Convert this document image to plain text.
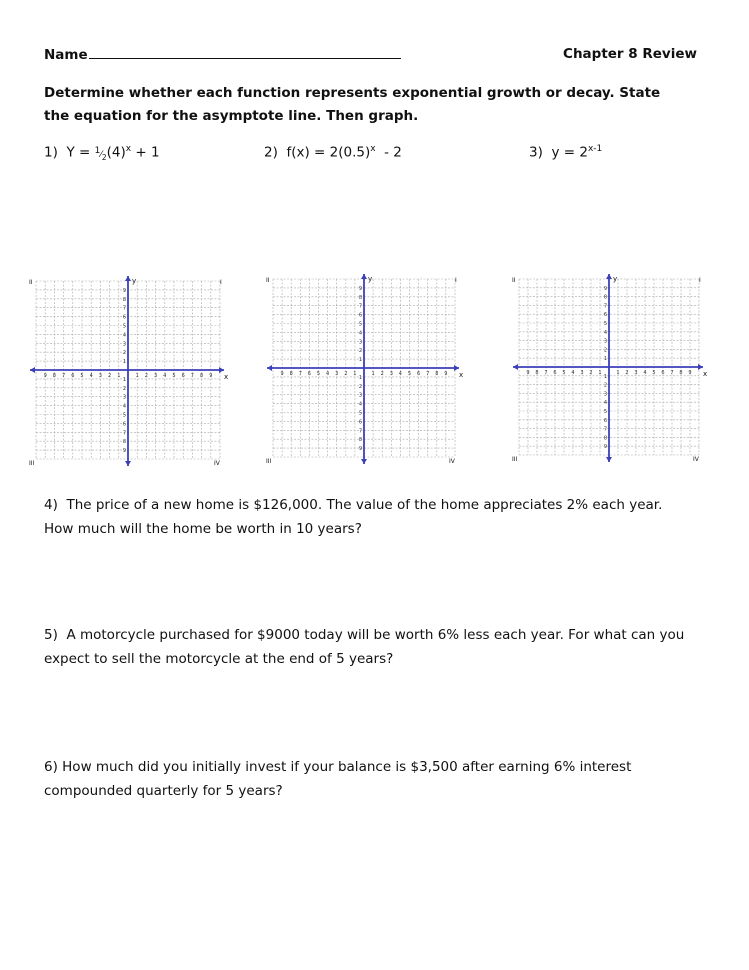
Name	Chapter 8 Review
Determine whether each function represents exponential growth or decay. State the equation for the asymptote line. Then graph.
1) $Y = ^1⁄_2(4)^x + 1$	2) $f(x) = 2(0.5)^x - 2$	3) $y = 2^{x-1}$
9 8 7 6 5 4 3 2 1	1 2 3 4 5 6 7 8 9
9
8
7
6
5
4
3
2
1
1
2
3
4
5
6
7
8
9
x
y	I
II
III	IV
9 8 7 6 5 4 3 2 1	1 2 3 4 5 6 7 8 9
9
8
7
6
5
4
3
2
1
1
2
3
4
5
6
7
8
9
x
y	I
II
III	IV
9 8 7 6 5 4 3 2 1	1 2 3 4 5 6 7 8 9
9
8
7
6
5
4
3
2
1
1
2
3
4
5
6
7
8
9
x
y	I
II
III	IV
4) The price of a new home is $126,000. The value of the home appreciates 2% each year.
How much will the home be worth in 10 years?
5) A motorcycle purchased for $9000 today will be worth 6% less each year. For what can you
expect to sell the motorcycle at the end of 5 years?
6) How much did you initially invest if your balance is $3,500 after earning 6% interest
compounded quarterly for 5 years?
